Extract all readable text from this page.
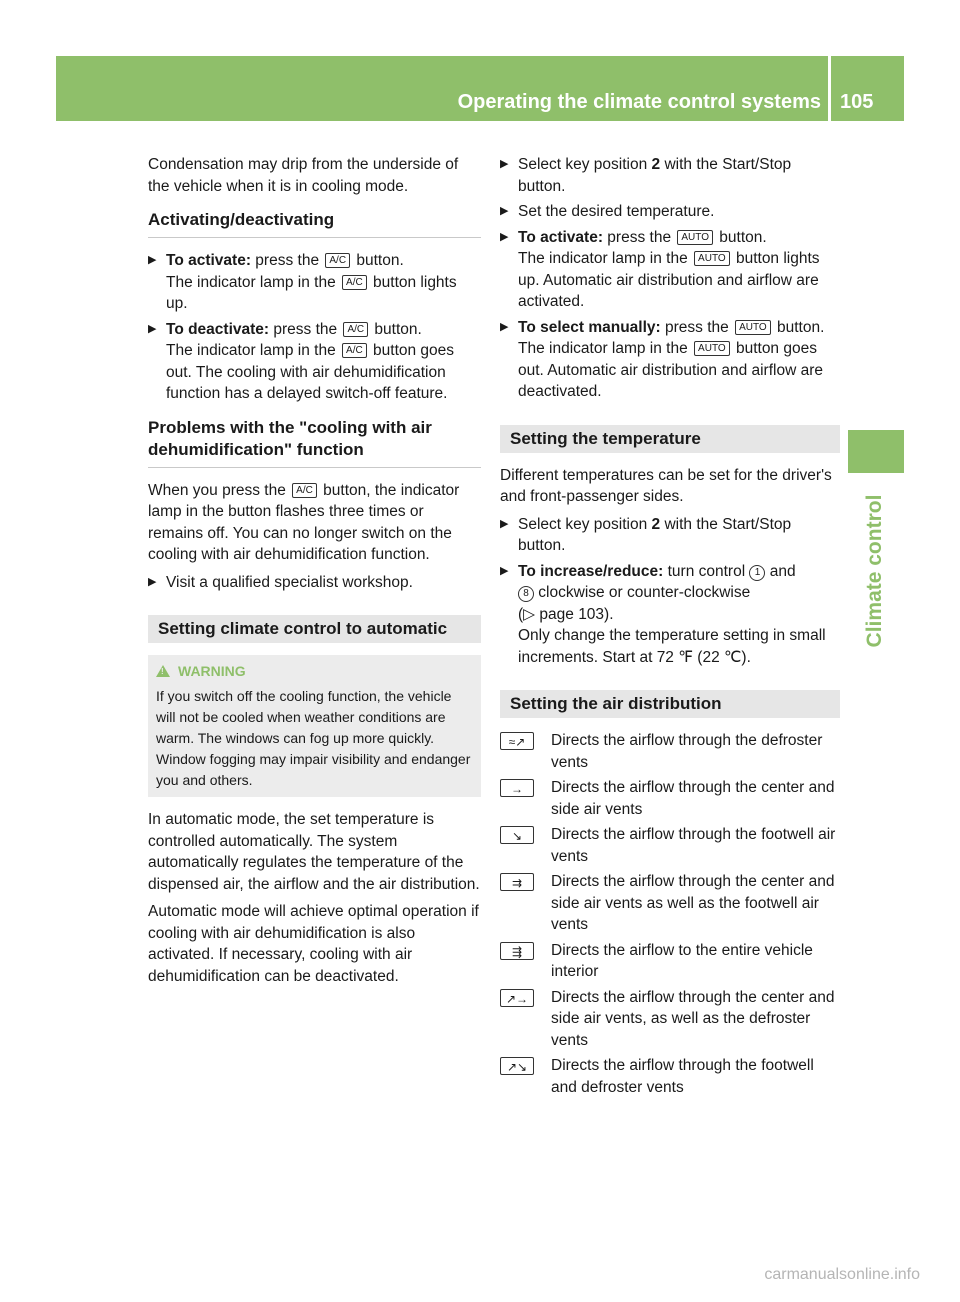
Operating the climate control systems 105
Climate control

Condensation may drip from the underside of the vehicle when it is in cooling mode.

Activating/deactivating
▶ To activate: press the A/C button.
The indicator lamp in the A/C button lights up.
▶ To deactivate: press the A/C button.
The indicator lamp in the A/C button goes out. The cooling with air dehumidification function has a delayed switch-off feature.
Problems with the "cooling with air dehumidification" function

When you press the A/C button, the indicator lamp in the button flashes three times or remains off. You can no longer switch on the cooling with air dehumidification function.

▶ Visit a qualified specialist workshop.
Setting climate control to automatic
! WARNING
If you switch off the cooling function, the vehicle will not be cooled when weather conditions are warm. The windows can fog up more quickly. Window fogging may impair visibility and endanger you and others.

In automatic mode, the set temperature is controlled automatically. The system automatically regulates the temperature of the dispensed air, the airflow and the air distribution.

Automatic mode will achieve optimal operation if cooling with air dehumidification is also activated. If necessary, cooling with air dehumidification can be deactivated.

▶ Select key position 2 with the Start/Stop button.
▶ Set the desired temperature.
▶ To activate: press the AUTO button.
The indicator lamp in the AUTO button lights up. Automatic air distribution and airflow are activated.
▶ To select manually: press the AUTO button.
The indicator lamp in the AUTO button goes out. Automatic air distribution and airflow are deactivated.
Setting the temperature

Different temperatures can be set for the driver's and front-passenger sides.

▶ Select key position 2 with the Start/Stop button.
▶ To increase/reduce: turn control 1 and
8 clockwise or counter-clockwise
(▷ page 103).
Only change the temperature setting in small increments. Start at 72 ℉ (22 ℃).
Setting the air distribution
≈↗	Directs the airflow through the defroster vents
→	Directs the airflow through the center and side air vents
↘	Directs the airflow through the footwell air vents
⇉	Directs the airflow through the center and side air vents as well as the footwell air vents
⇶	Directs the airflow to the entire vehicle interior
↗→	Directs the airflow through the center and side air vents, as well as the defroster vents
↗↘	Directs the airflow through the footwell and defroster vents
carmanualsonline.info
